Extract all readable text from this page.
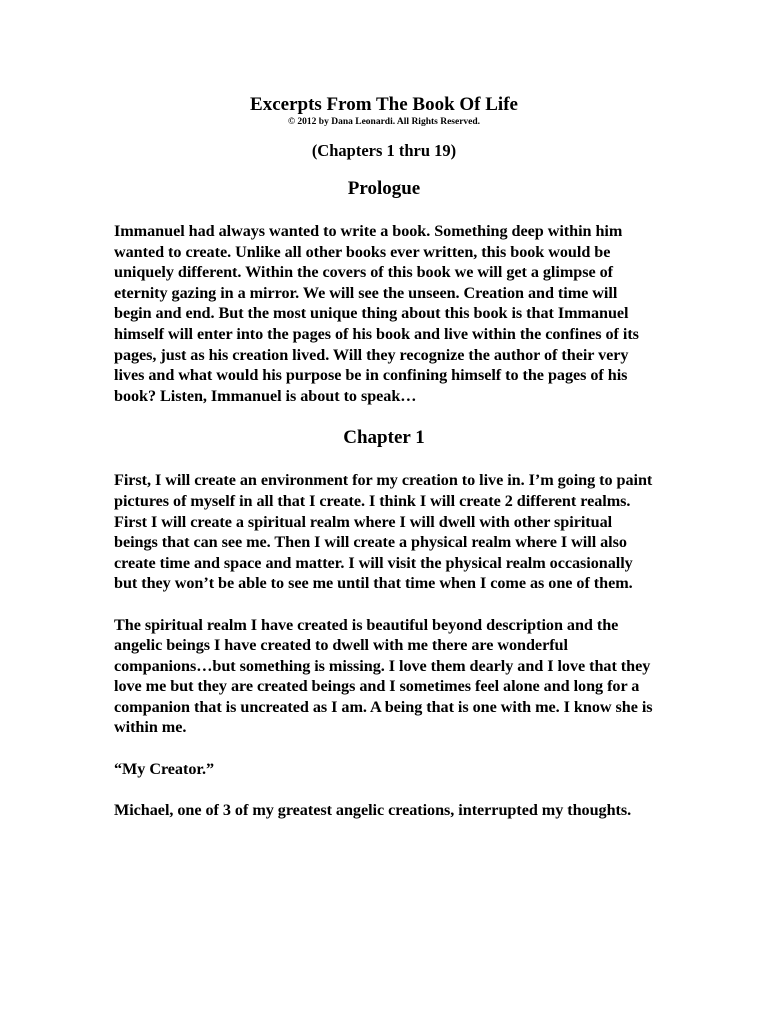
Excerpts From The Book Of Life

© 2012 by Dana Leonardi. All Rights Reserved.

(Chapters 1 thru 19)

Prologue

Immanuel had always wanted to write a book. Something deep within him wanted to create. Unlike all other books ever written, this book would be uniquely different. Within the covers of this book we will get a glimpse of eternity gazing in a mirror. We will see the unseen. Creation and time will begin and end. But the most unique thing about this book is that Immanuel himself will enter into the pages of his book and live within the confines of its pages, just as his creation lived. Will they recognize the author of their very lives and what would his purpose be in confining himself to the pages of his book? Listen, Immanuel is about to speak…

Chapter 1

First, I will create an environment for my creation to live in. I’m going to paint pictures of myself in all that I create. I think I will create 2 different realms. First I will create a spiritual realm where I will dwell with other spiritual beings that can see me. Then I will create a physical realm where I will also create time and space and matter. I will visit the physical realm occasionally but they won’t be able to see me until that time when I come as one of them.

The spiritual realm I have created is beautiful beyond description and the angelic beings I have created to dwell with me there are wonderful companions…but something is missing. I love them dearly and I love that they love me but they are created beings and I sometimes feel alone and long for a companion that is uncreated as I am. A being that is one with me. I know she is within me.

“My Creator.”

Michael, one of 3 of my greatest angelic creations, interrupted my thoughts.
